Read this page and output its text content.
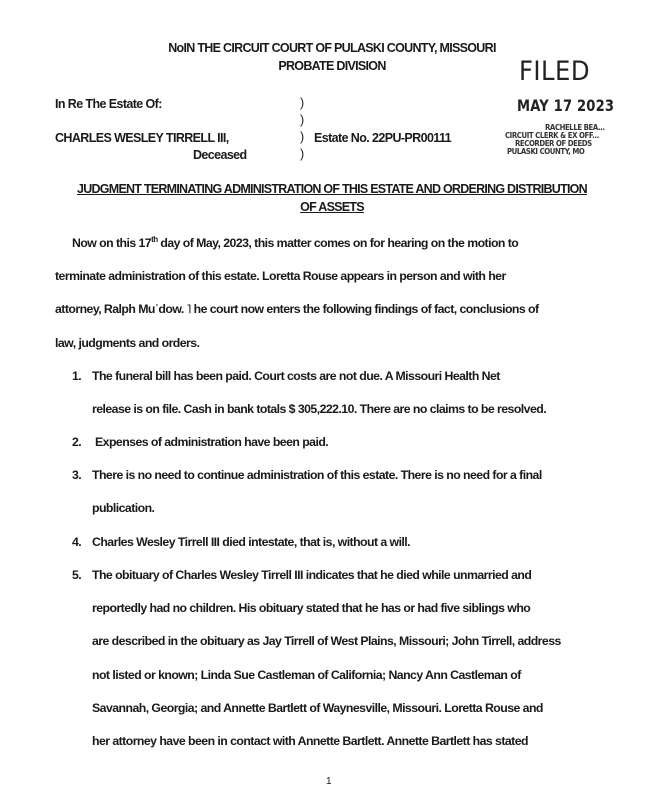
NoIN THE CIRCUIT COURT OF PULASKI COUNTY, MISSOURI
PROBATE DIVISION
In Re The Estate Of:
CHARLES WESLEY TIRRELL III,
Deceased
)
)
)
)
Estate No. 22PU-PR00111
FILED
MAY 17 2023
RACHELLE BEA...
CIRCUIT CLERK & EX OFF...
RECORDER OF DEEDS
PULASKI COUNTY, MO
JUDGMENT TERMINATING ADMINISTRATION OF THIS ESTATE AND ORDERING DISTRIBUTION
OF ASSETS
Now on this 17th day of May, 2023, this matter comes on for hearing on the motion to
terminate administration of this estate. Loretta Rouse appears in person and with her
attorney, Ralph Muʿdow. ˥ he court now enters the following findings of fact, conclusions of
law, judgments and orders.
1. The funeral bill has been paid. Court costs are not due. A Missouri Health Net
release is on file. Cash in bank totals $ 305,222.10. There are no claims to be resolved.
2. Expenses of administration have been paid.
3. There is no need to continue administration of this estate. There is no need for a final
publication.
4. Charles Wesley Tirrell III died intestate, that is, without a will.
5. The obituary of Charles Wesley Tirrell III indicates that he died while unmarried and
reportedly had no children. His obituary stated that he has or had five siblings who
are described in the obituary as Jay Tirrell of West Plains, Missouri; John Tirrell, address
not listed or known; Linda Sue Castleman of California; Nancy Ann Castleman of
Savannah, Georgia; and Annette Bartlett of Waynesville, Missouri. Loretta Rouse and
her attorney have been in contact with Annette Bartlett. Annette Bartlett has stated
1
